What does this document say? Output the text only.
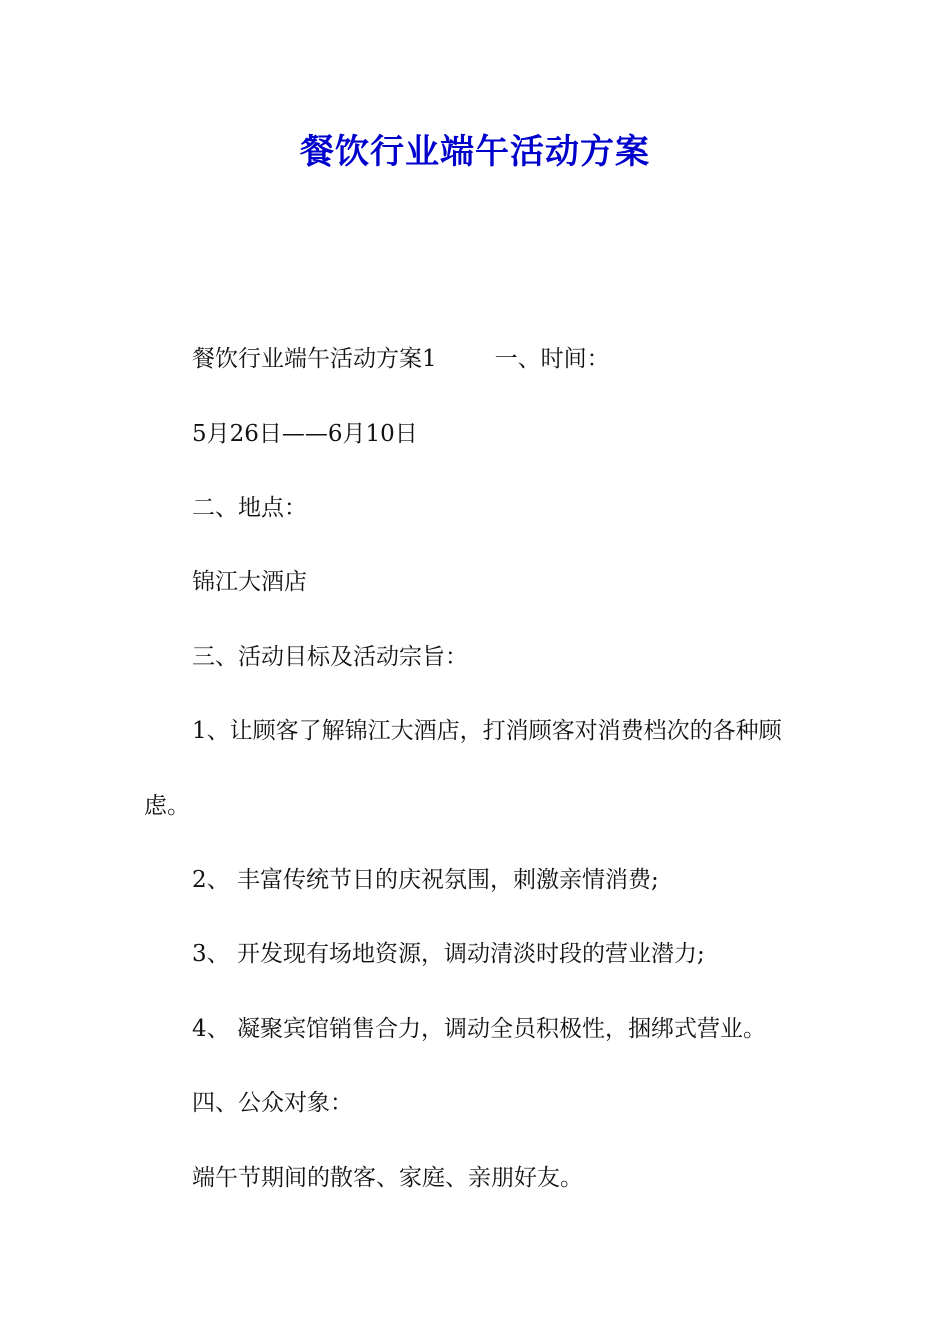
餐饮行业端午活动方案

餐饮行业端午活动方案1	一、时间：

5月26日——6月10日

二、地点：

锦江大酒店

三、活动目标及活动宗旨：

1、让顾客了解锦江大酒店，打消顾客对消费档次的各种顾

虑。

2、 丰富传统节日的庆祝氛围，刺激亲情消费;

3、 开发现有场地资源，调动清淡时段的营业潜力;

4、 凝聚宾馆销售合力，调动全员积极性，捆绑式营业。

四、公众对象：

端午节期间的散客、家庭、亲朋好友。
